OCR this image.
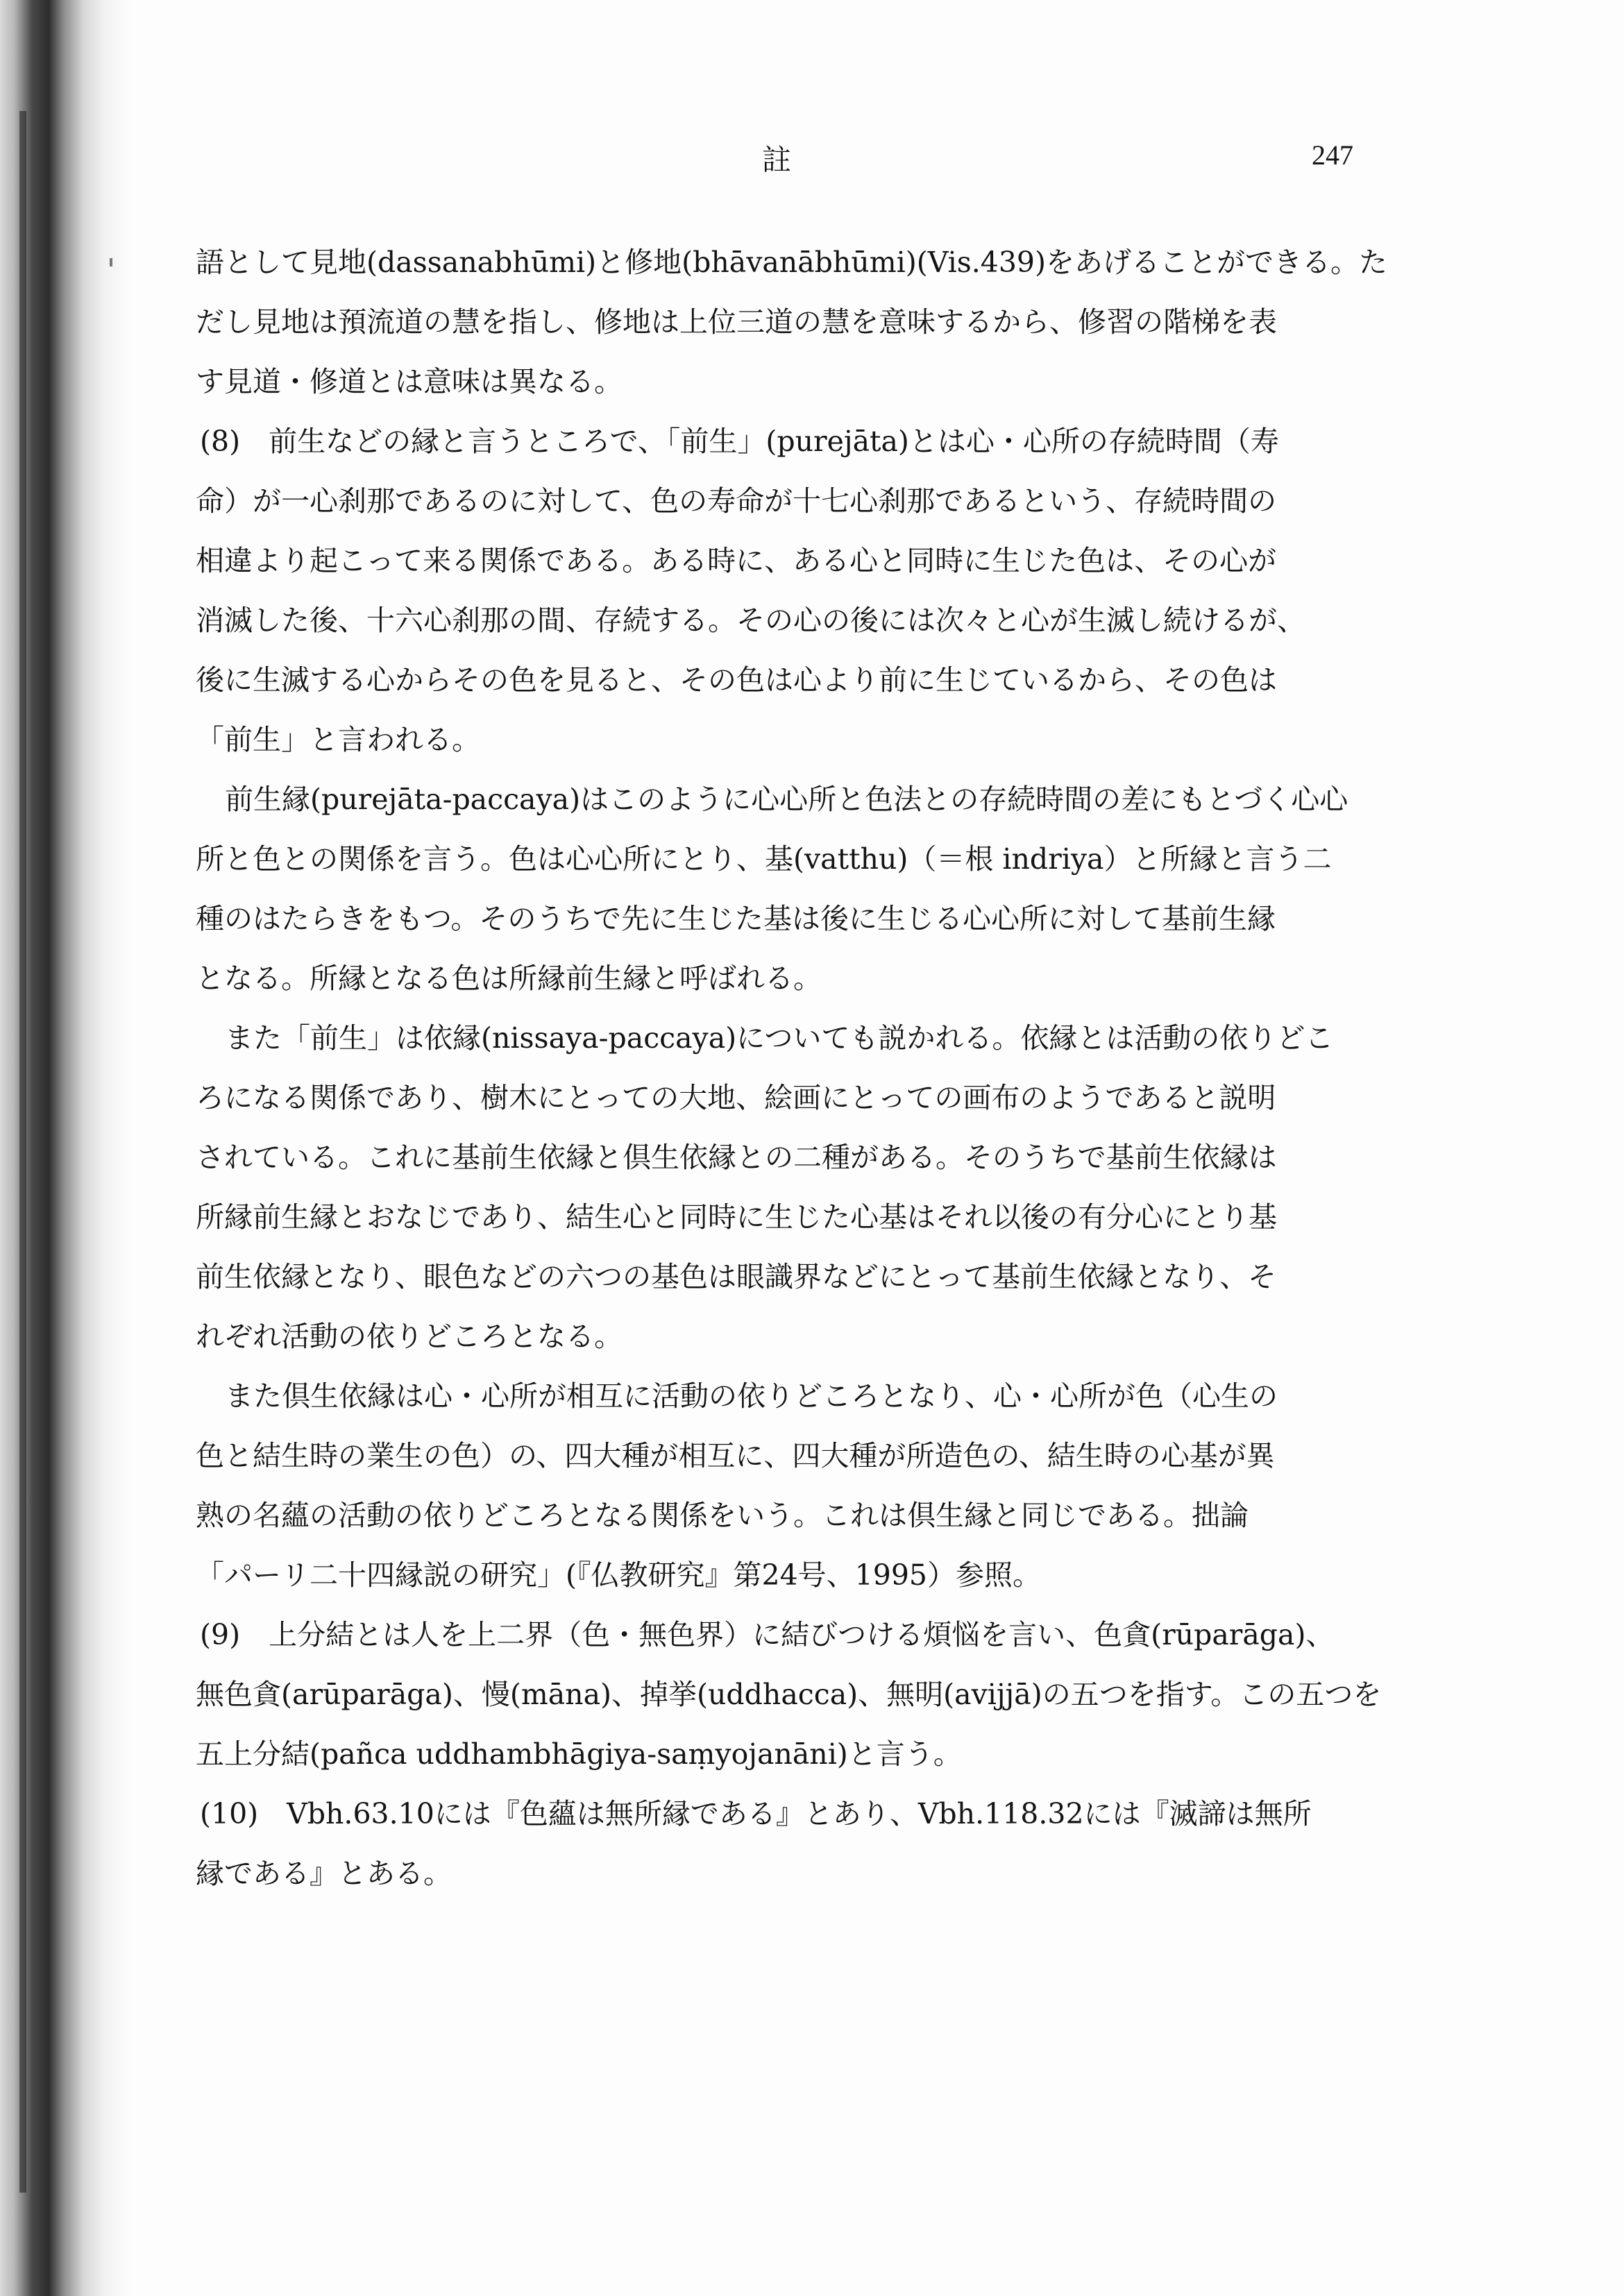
註	247
語として見地(dassanabhūmi)と修地(bhāvanābhūmi)(Vis.439)をあげることができる。た
だし見地は預流道の慧を指し、修地は上位三道の慧を意味するから、修習の階梯を表
す見道・修道とは意味は異なる。
(8)　前生などの縁と言うところで、「前生」(purejāta)とは心・心所の存続時間（寿
命）が一心刹那であるのに対して、色の寿命が十七心刹那であるという、存続時間の
相違より起こって来る関係である。ある時に、ある心と同時に生じた色は、その心が
消滅した後、十六心刹那の間、存続する。その心の後には次々と心が生滅し続けるが、
後に生滅する心からその色を見ると、その色は心より前に生じているから、その色は
「前生」と言われる。
前生縁(purejāta-paccaya)はこのように心心所と色法との存続時間の差にもとづく心心
所と色との関係を言う。色は心心所にとり、基(vatthu)（＝根 indriya）と所縁と言う二
種のはたらきをもつ。そのうちで先に生じた基は後に生じる心心所に対して基前生縁
となる。所縁となる色は所縁前生縁と呼ばれる。
また「前生」は依縁(nissaya-paccaya)についても説かれる。依縁とは活動の依りどこ
ろになる関係であり、樹木にとっての大地、絵画にとっての画布のようであると説明
されている。これに基前生依縁と倶生依縁との二種がある。そのうちで基前生依縁は
所縁前生縁とおなじであり、結生心と同時に生じた心基はそれ以後の有分心にとり基
前生依縁となり、眼色などの六つの基色は眼識界などにとって基前生依縁となり、そ
れぞれ活動の依りどころとなる。
また倶生依縁は心・心所が相互に活動の依りどころとなり、心・心所が色（心生の
色と結生時の業生の色）の、四大種が相互に、四大種が所造色の、結生時の心基が異
熟の名蘊の活動の依りどころとなる関係をいう。これは倶生縁と同じである。拙論
「パーリ二十四縁説の研究」(『仏教研究』第24号、1995）参照。
(9)　上分結とは人を上二界（色・無色界）に結びつける煩悩を言い、色貪(rūparāga)、
無色貪(arūparāga)、慢(māna)、掉挙(uddhacca)、無明(avijjā)の五つを指す。この五つを
五上分結(pañca uddhambhāgiya-saṃyojanāni)と言う。
(10)　Vbh.63.10には『色蘊は無所縁である』とあり、Vbh.118.32には『滅諦は無所
縁である』とある。
